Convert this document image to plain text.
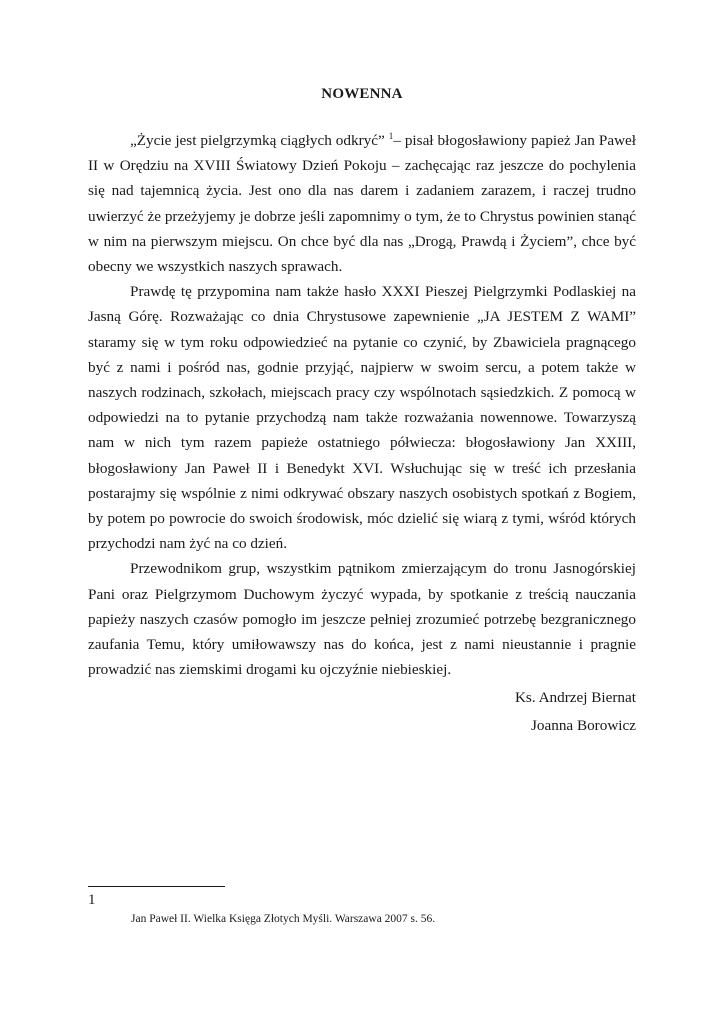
NOWENNA

„Życie jest pielgrzymką ciągłych odkryć” $^1$– pisał błogosławiony papież Jan Paweł II w Orędziu na XVIII Światowy Dzień Pokoju – zachęcając raz jeszcze do pochylenia się nad tajemnicą życia. Jest ono dla nas darem i zadaniem zarazem, i raczej trudno uwierzyć że przeżyjemy je dobrze jeśli zapomnimy o tym, że to Chrystus powinien stanąć w nim na pierwszym miejscu. On chce być dla nas „Drogą, Prawdą i Życiem”, chce być obecny we wszystkich naszych sprawach.

Prawdę tę przypomina nam także hasło XXXI Pieszej Pielgrzymki Podlaskiej na Jasną Górę. Rozważając co dnia Chrystusowe zapewnienie „JA JESTEM Z WAMI” staramy się w tym roku odpowiedzieć na pytanie co czynić, by Zbawiciela pragnącego być z nami i pośród nas, godnie przyjąć, najpierw w swoim sercu, a potem także w naszych rodzinach, szkołach, miejscach pracy czy wspólnotach sąsiedzkich. Z pomocą w odpowiedzi na to pytanie przychodzą nam także rozważania nowennowe. Towarzyszą nam w nich tym razem papieże ostatniego półwiecza: błogosławiony Jan XXIII, błogosławiony Jan Paweł II i Benedykt XVI. Wsłuchując się w treść ich przesłania postarajmy się wspólnie z nimi odkrywać obszary naszych osobistych spotkań z Bogiem, by potem po powrocie do swoich środowisk, móc dzielić się wiarą z tymi, wśród których przychodzi nam żyć na co dzień.

Przewodnikom grup, wszystkim pątnikom zmierzającym do tronu Jasnogórskiej Pani oraz Pielgrzymom Duchowym życzyć wypada, by spotkanie z treścią nauczania papieży naszych czasów pomogło im jeszcze pełniej zrozumieć potrzebę bezgranicznego zaufania Temu, który umiłowawszy nas do końca, jest z nami nieustannie i pragnie prowadzić nas ziemskimi drogami ku ojczyźnie niebieskiej.

Ks. Andrzej Biernat
Joanna Borowicz
1
Jan Paweł II. Wielka Księga Złotych Myśli. Warszawa 2007 s. 56.
